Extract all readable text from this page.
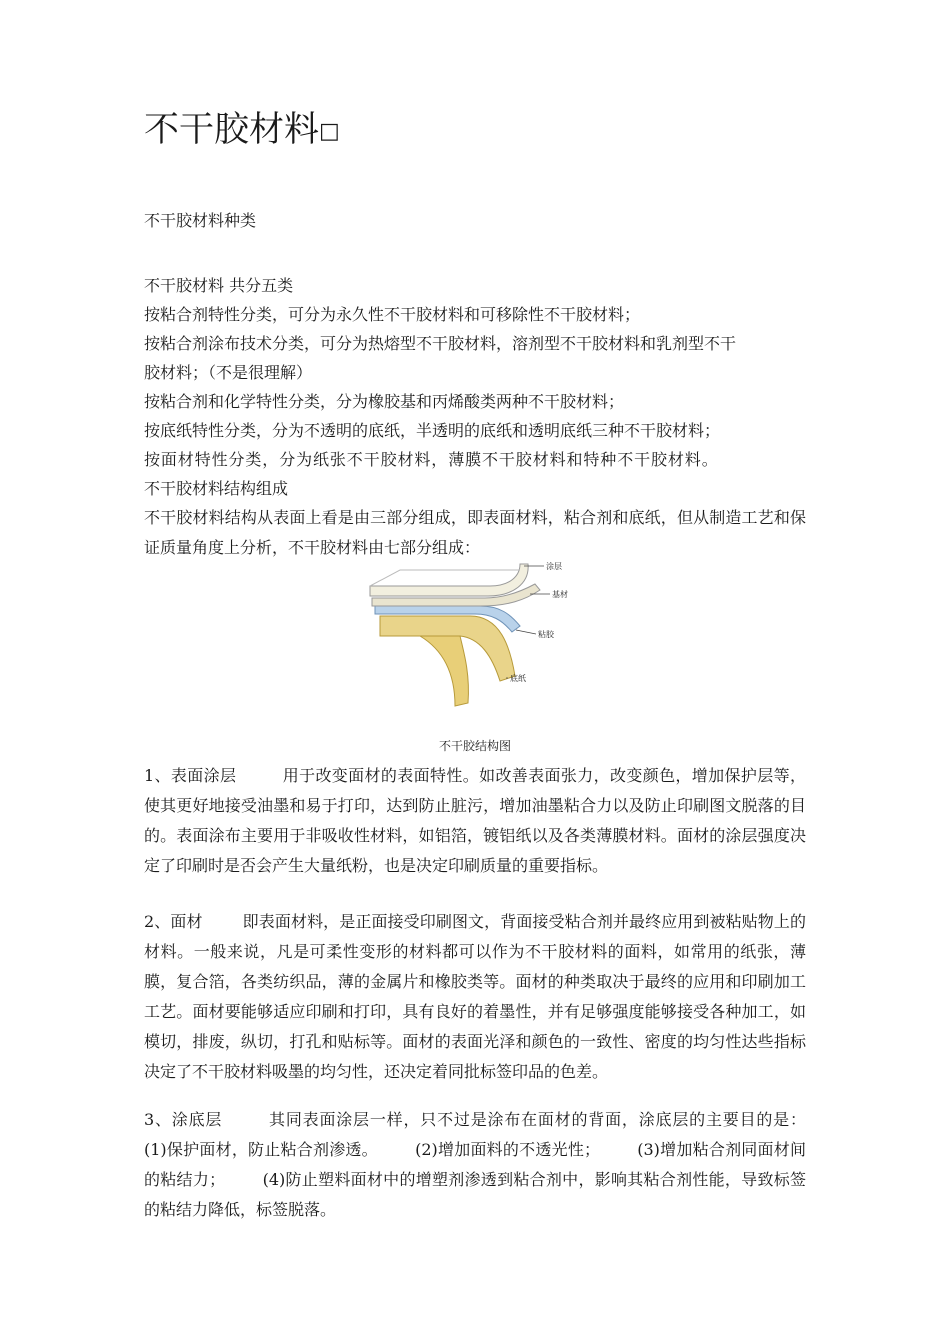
不干胶材料□
不干胶材料种类
不干胶材料 共分五类
按粘合剂特性分类，可分为永久性不干胶材料和可移除性不干胶材料；
按粘合剂涂布技术分类，可分为热熔型不干胶材料，溶剂型不干胶材料和乳剂型不干
胶材料；（不是很理解）
按粘合剂和化学特性分类，分为橡胶基和丙烯酸类两种不干胶材料；
按底纸特性分类，分为不透明的底纸，半透明的底纸和透明底纸三种不干胶材料；
按面材特性分类，分为纸张不干胶材料，薄膜不干胶材料和特种不干胶材料。
不干胶材料结构组成
不干胶材料结构从表面上看是由三部分组成，即表面材料，粘合剂和底纸，但从制造工艺和保证质量角度上分析，不干胶材料由七部分组成：
涂层
基材
粘胶
底纸
不干胶结构图
1、表面涂层	用于改变面材的表面特性。如改善表面张力，改变颜色，增加保护层等，使其更好地接受油墨和易于打印，达到防止脏污，增加油墨粘合力以及防止印刷图文脱落的目的。表面涂布主要用于非吸收性材料，如铝箔，镀铝纸以及各类薄膜材料。面材的涂层强度决定了印刷时是否会产生大量纸粉，也是决定印刷质量的重要指标。
2、面材	即表面材料，是正面接受印刷图文，背面接受粘合剂并最终应用到被粘贴物上的材料。一般来说，凡是可柔性变形的材料都可以作为不干胶材料的面料，如常用的纸张，薄膜，复合箔，各类纺织品，薄的金属片和橡胶类等。面材的种类取决于最终的应用和印刷加工工艺。面材要能够适应印刷和打印，具有良好的着墨性，并有足够强度能够接受各种加工，如模切，排废，纵切，打孔和贴标等。面材的表面光泽和颜色的一致性、密度的均匀性达些指标决定了不干胶材料吸墨的均匀性，还决定着同批标签印品的色差。
3、涂底层	其同表面涂层一样，只不过是涂布在面材的背面，涂底层的主要目的是：       (1)保护面材，防止粘合剂渗透。       (2)增加面料的不透光性；       (3)增加粘合剂同面材间的粘结力；       (4)防止塑料面材中的增塑剂渗透到粘合剂中，影响其粘合剂性能，导致标签的粘结力降低，标签脱落。
